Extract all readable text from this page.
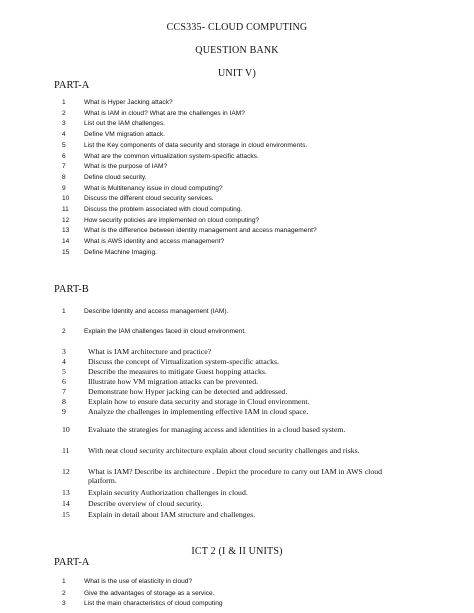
CCS335- CLOUD COMPUTING
QUESTION BANK
UNIT V)
PART-A
1	What is Hyper Jacking attack?
2	What is IAM in cloud? What are the challenges in IAM?
3	List out the IAM challenges.
4	Define VM migration attack.
5	List the Key components of data security and storage in cloud environments.
6	What are the common virtualization system-specific attacks.
7	What is the purpose of IAM?
8	Define cloud security.
9	What is Multitenancy issue in cloud computing?
10	Discuss the different cloud security services.
11	Discuss the problem associated with cloud computing.
12	How security policies are implemented on cloud computing?
13	What is the difference between identity management and access management?
14	What is AWS identity and access management?
15	Define Machine Imaging.
PART-B
1	Describe Identity and access management (IAM).
2	Explain the IAM challenges faced in cloud environment.
3	What is IAM architecture and practice?
4	Discuss the concept of Virtualization system-specific attacks.
5	Describe the measures to mitigate Guest hopping attacks.
6	Illustrate how VM migration attacks can be prevented.
7	Demonstrate how Hyper jacking can be detected and addressed.
8	Explain how to ensure data security and storage in Cloud environment.
9	Analyze the challenges in implementing effective IAM in cloud space.
10	Evaluate the strategies for managing access and identities in a cloud based system.
11	With neat cloud security architecture explain about cloud security challenges and risks.
12	What is IAM? Describe its architecture . Depict the procedure to carry out IAM in AWS cloud platform.
13	Explain security Authorization challenges in cloud.
14	Describe overview of cloud security.
15	Explain in detail about IAM structure and challenges.
ICT 2 (I & II UNITS)
PART-A
1	What is the use of elasticity in cloud?
2	Give the advantages of storage as a service.
3	List the main characteristics of cloud computing
